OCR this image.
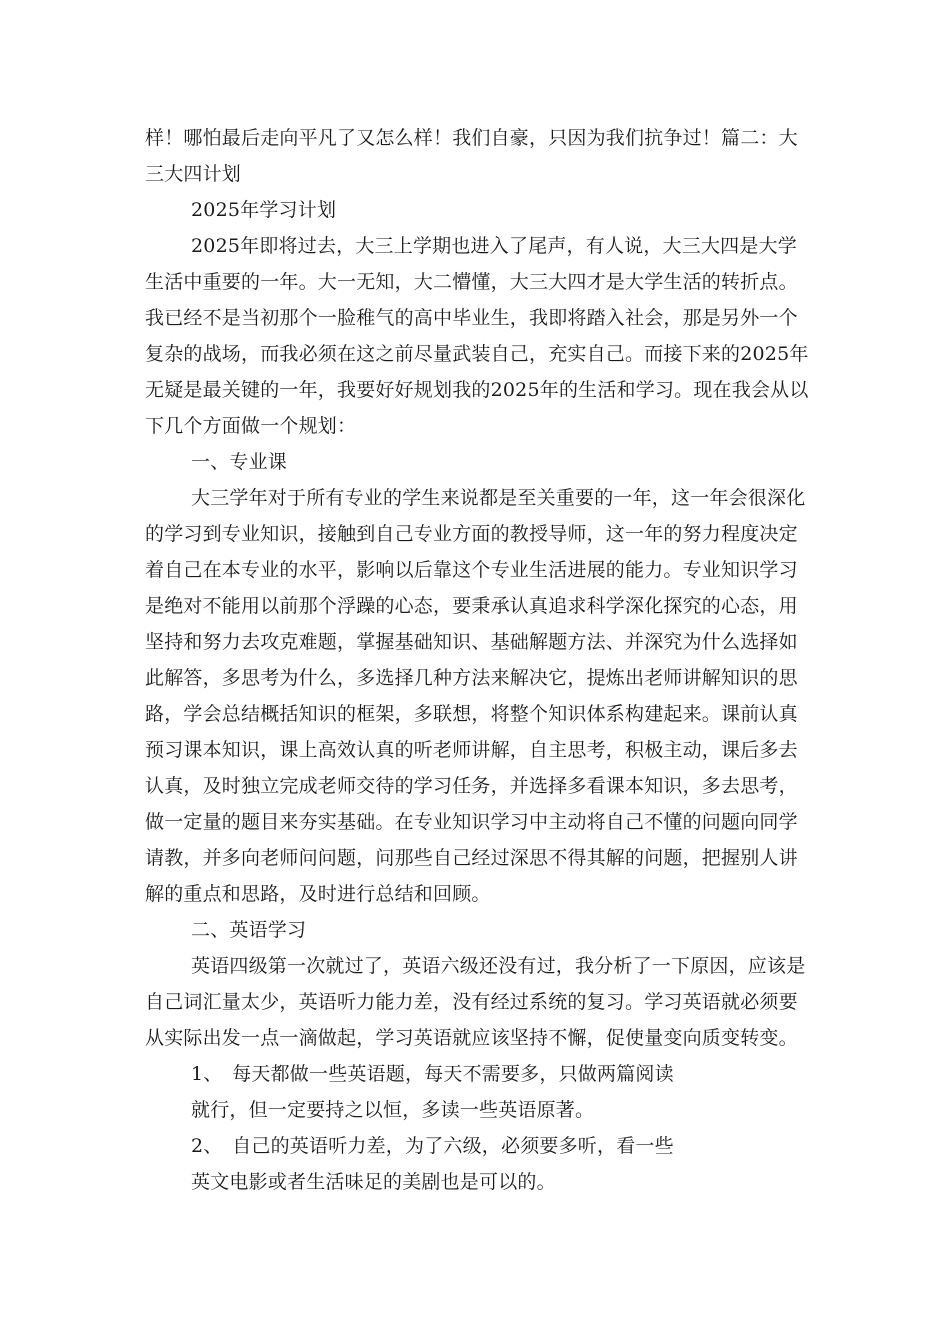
样！哪怕最后走向平凡了又怎么样！我们自豪，只因为我们抗争过！篇二：大
三大四计划
2025年学习计划
2025年即将过去，大三上学期也进入了尾声，有人说，大三大四是大学
生活中重要的一年。大一无知，大二懵懂，大三大四才是大学生活的转折点。
我已经不是当初那个一脸稚气的高中毕业生，我即将踏入社会，那是另外一个
复杂的战场，而我必须在这之前尽量武装自己，充实自己。而接下来的2025年
无疑是最关键的一年，我要好好规划我的2025年的生活和学习。现在我会从以
下几个方面做一个规划：
一、专业课
大三学年对于所有专业的学生来说都是至关重要的一年，这一年会很深化
的学习到专业知识，接触到自己专业方面的教授导师，这一年的努力程度决定
着自己在本专业的水平，影响以后靠这个专业生活进展的能力。专业知识学习
是绝对不能用以前那个浮躁的心态，要秉承认真追求科学深化探究的心态，用
坚持和努力去攻克难题，掌握基础知识、基础解题方法、并深究为什么选择如
此解答，多思考为什么，多选择几种方法来解决它，提炼出老师讲解知识的思
路，学会总结概括知识的框架，多联想，将整个知识体系构建起来。课前认真
预习课本知识，课上高效认真的听老师讲解，自主思考，积极主动，课后多去
认真，及时独立完成老师交待的学习任务，并选择多看课本知识，多去思考，
做一定量的题目来夯实基础。在专业知识学习中主动将自己不懂的问题向同学
请教，并多向老师问问题，问那些自己经过深思不得其解的问题，把握别人讲
解的重点和思路，及时进行总结和回顾。
二、英语学习
英语四级第一次就过了，英语六级还没有过，我分析了一下原因，应该是
自己词汇量太少，英语听力能力差，没有经过系统的复习。学习英语就必须要
从实际出发一点一滴做起，学习英语就应该坚持不懈，促使量变向质变转变。
1、　每天都做一些英语题，每天不需要多，只做两篇阅读
就行，但一定要持之以恒，多读一些英语原著。
2、　自己的英语听力差，为了六级，必须要多听，看一些
英文电影或者生活味足的美剧也是可以的。
